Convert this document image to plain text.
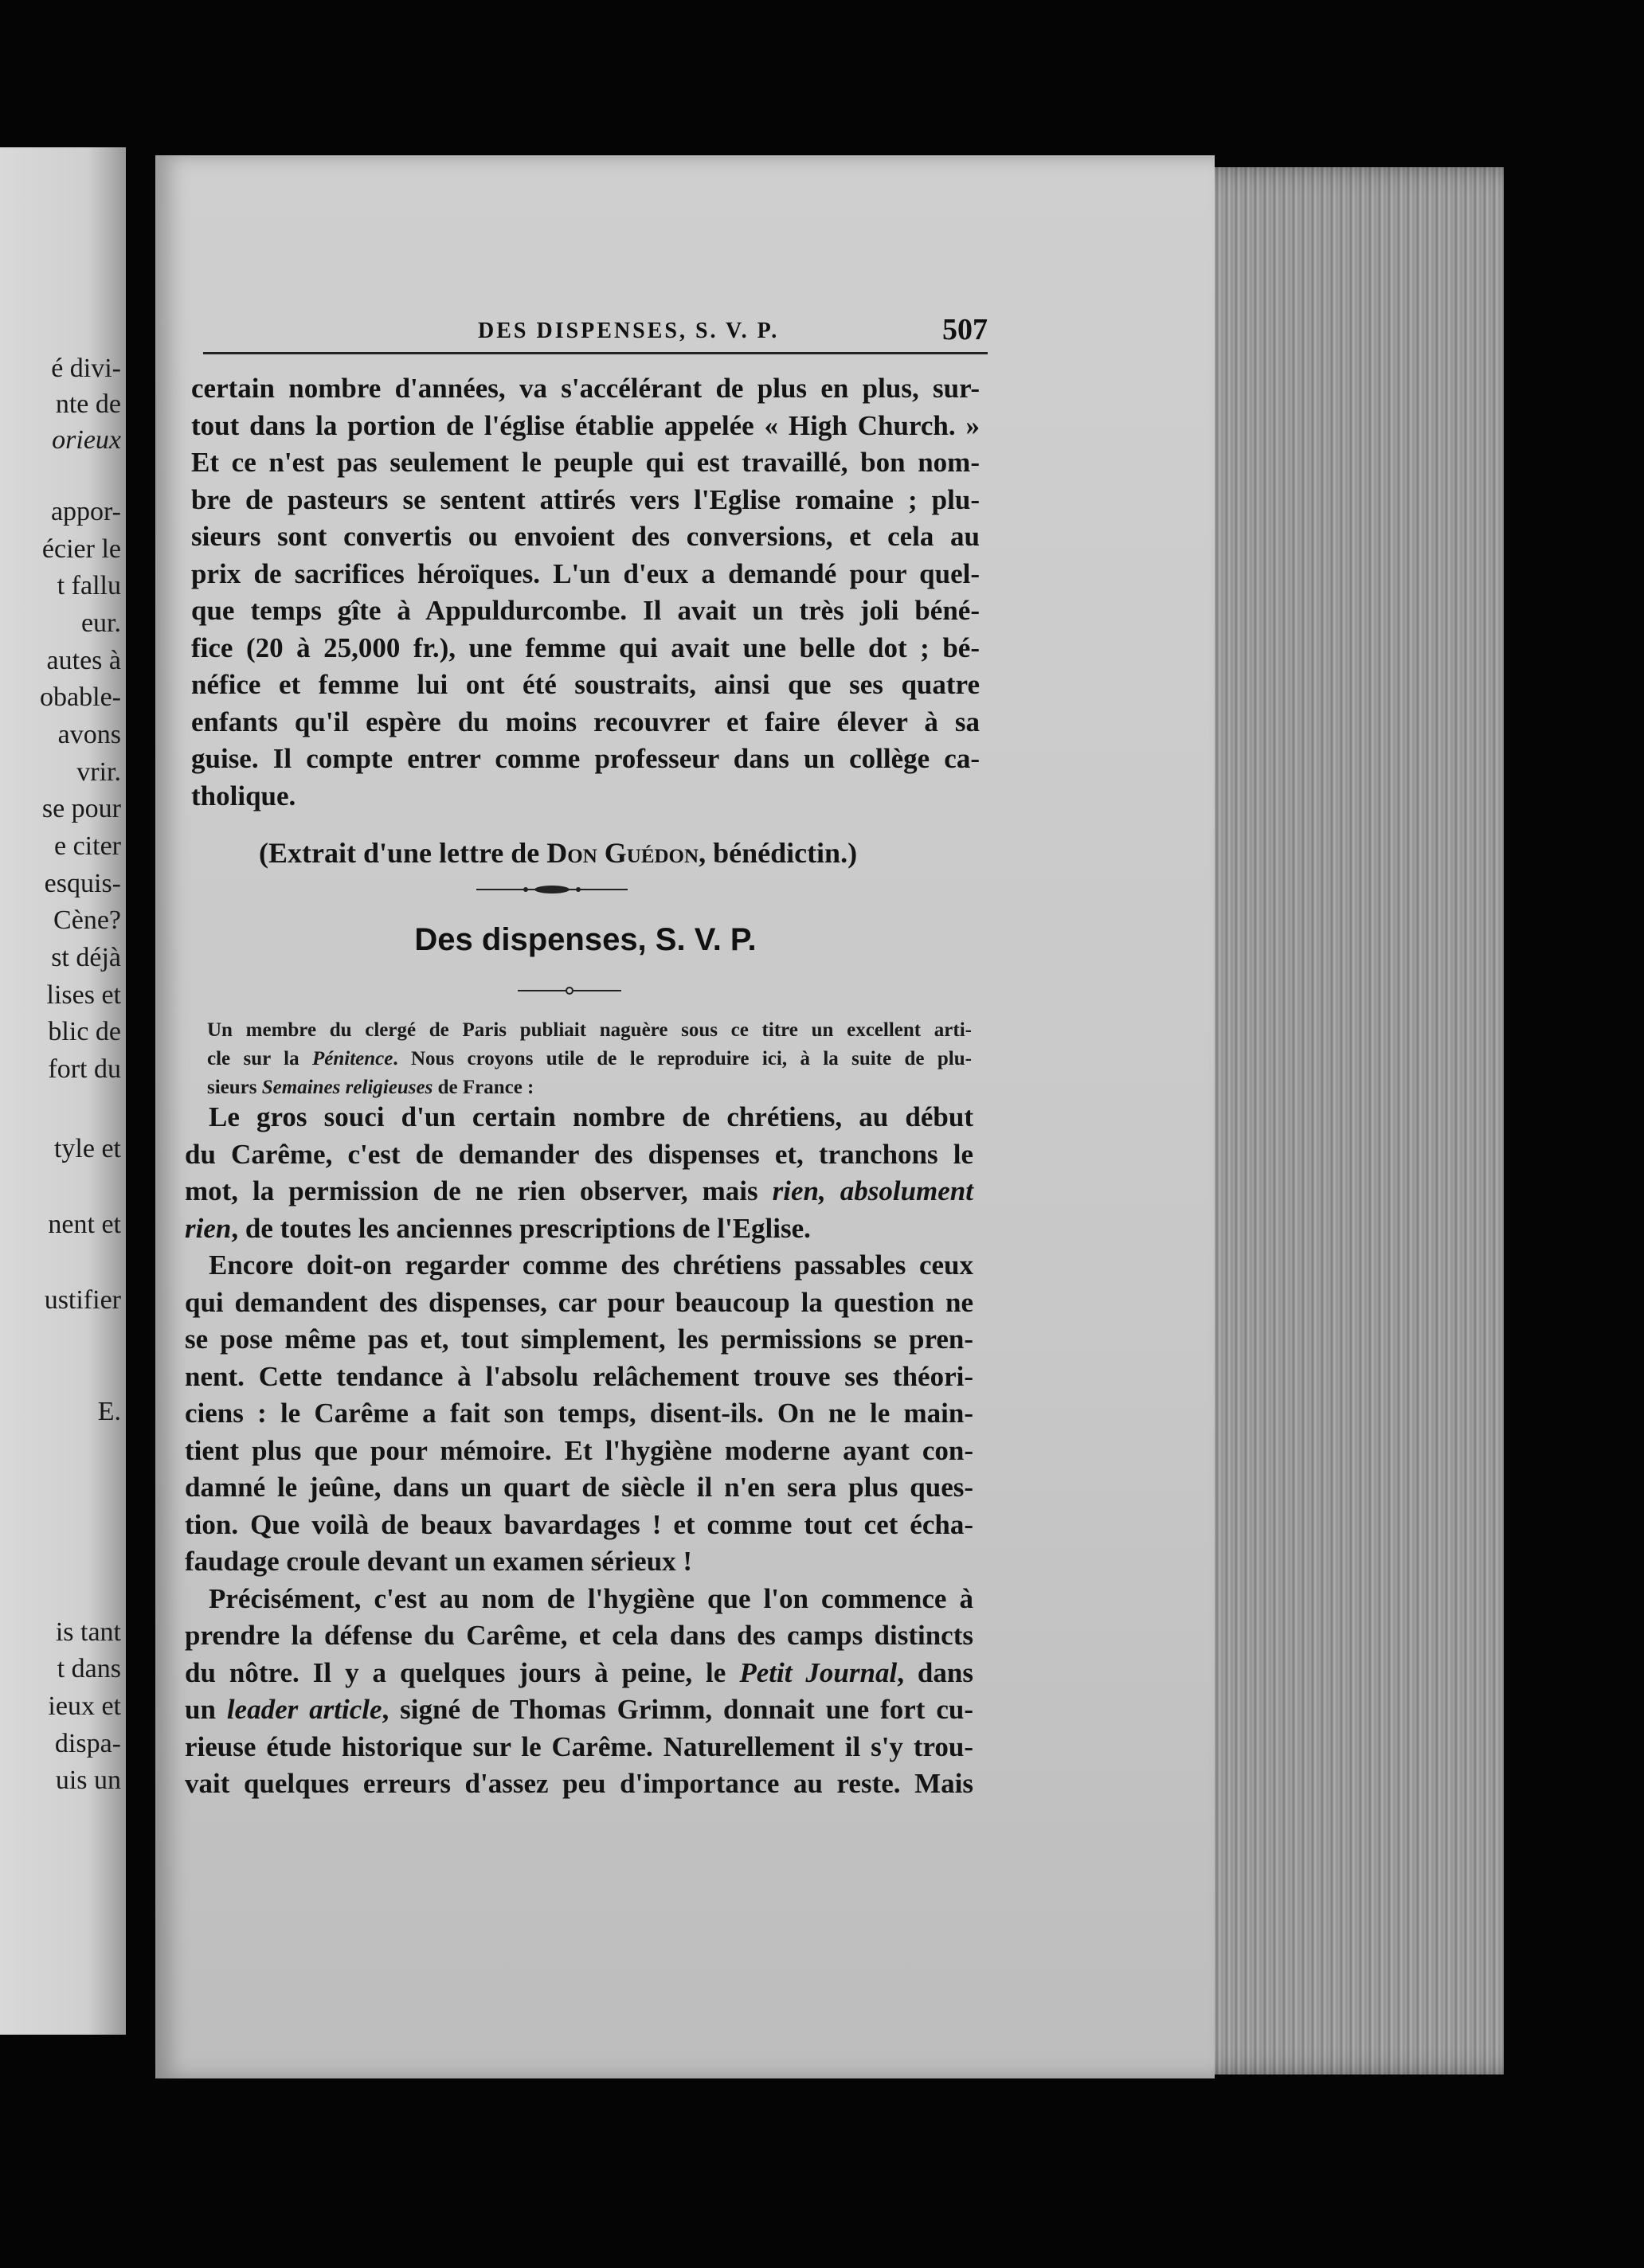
é divi-
nte de
orieux
appor-
écier le
t fallu
eur.
autes à
obable-
avons
vrir.
se pour
e citer
esquis-
Cène?
st déjà
lises et
blic de
fort du
tyle et
nent et
ustifier
E.
is tant
t dans
ieux et
dispa-
uis un
DES DISPENSES, S. V. P.	507
certain nombre d'années, va s'accélérant de plus en plus, sur-
tout dans la portion de l'église établie appelée « High Church. »
Et ce n'est pas seulement le peuple qui est travaillé, bon nom-
bre de pasteurs se sentent attirés vers l'Eglise romaine ; plu-
sieurs sont convertis ou envoient des conversions, et cela au
prix de sacrifices héroïques. L'un d'eux a demandé pour quel-
que temps gîte à Appuldurcombe. Il avait un très joli béné-
fice (20 à 25,000 fr.), une femme qui avait une belle dot ; bé-
néfice et femme lui ont été soustraits, ainsi que ses quatre
enfants qu'il espère du moins recouvrer et faire élever à sa
guise. Il compte entrer comme professeur dans un collège ca-
tholique.
(Extrait d'une lettre de Don Guédon, bénédictin.)
Des dispenses, S. V. P.
Un membre du clergé de Paris publiait naguère sous ce titre un excellent arti-
cle sur la Pénitence. Nous croyons utile de le reproduire ici, à la suite de plu-
sieurs Semaines religieuses de France :
Le gros souci d'un certain nombre de chrétiens, au début
du Carême, c'est de demander des dispenses et, tranchons le
mot, la permission de ne rien observer, mais rien, absolument
rien, de toutes les anciennes prescriptions de l'Eglise.
Encore doit-on regarder comme des chrétiens passables ceux
qui demandent des dispenses, car pour beaucoup la question ne
se pose même pas et, tout simplement, les permissions se pren-
nent. Cette tendance à l'absolu relâchement trouve ses théori-
ciens : le Carême a fait son temps, disent-ils. On ne le main-
tient plus que pour mémoire. Et l'hygiène moderne ayant con-
damné le jeûne, dans un quart de siècle il n'en sera plus ques-
tion. Que voilà de beaux bavardages ! et comme tout cet écha-
faudage croule devant un examen sérieux !
Précisément, c'est au nom de l'hygiène que l'on commence à
prendre la défense du Carême, et cela dans des camps distincts
du nôtre. Il y a quelques jours à peine, le Petit Journal, dans
un leader article, signé de Thomas Grimm, donnait une fort cu-
rieuse étude historique sur le Carême. Naturellement il s'y trou-
vait quelques erreurs d'assez peu d'importance au reste. Mais
